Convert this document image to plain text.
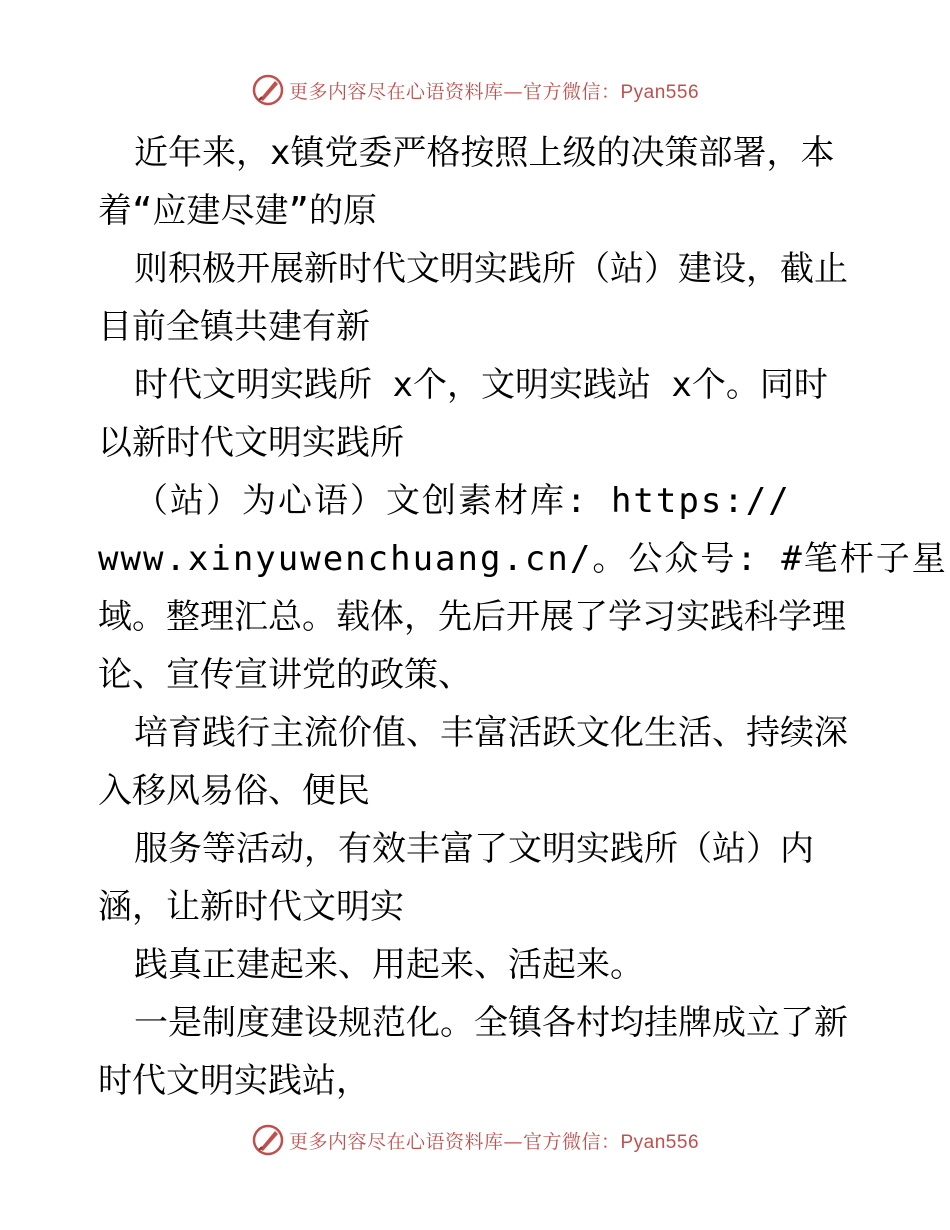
更多内容尽在心语资料库—官方微信：Pyan556
近年来，x镇党委严格按照上级的决策部署，本
着“应建尽建”的原
则积极开展新时代文明实践所（站）建设，截止
目前全镇共建有新
时代文明实践所 x个，文明实践站 x个。同时
以新时代文明实践所
（站）为心语）文创素材库: https://
www.xinyuwenchuang.cn/。公众号: #笔杆子星
域。整理汇总。载体，先后开展了学习实践科学理
论、宣传宣讲党的政策、
培育践行主流价值、丰富活跃文化生活、持续深
入移风易俗、便民
服务等活动，有效丰富了文明实践所（站）内
涵，让新时代文明实
践真正建起来、用起来、活起来。
一是制度建设规范化。全镇各村均挂牌成立了新
时代文明实践站，
更多内容尽在心语资料库—官方微信：Pyan556
